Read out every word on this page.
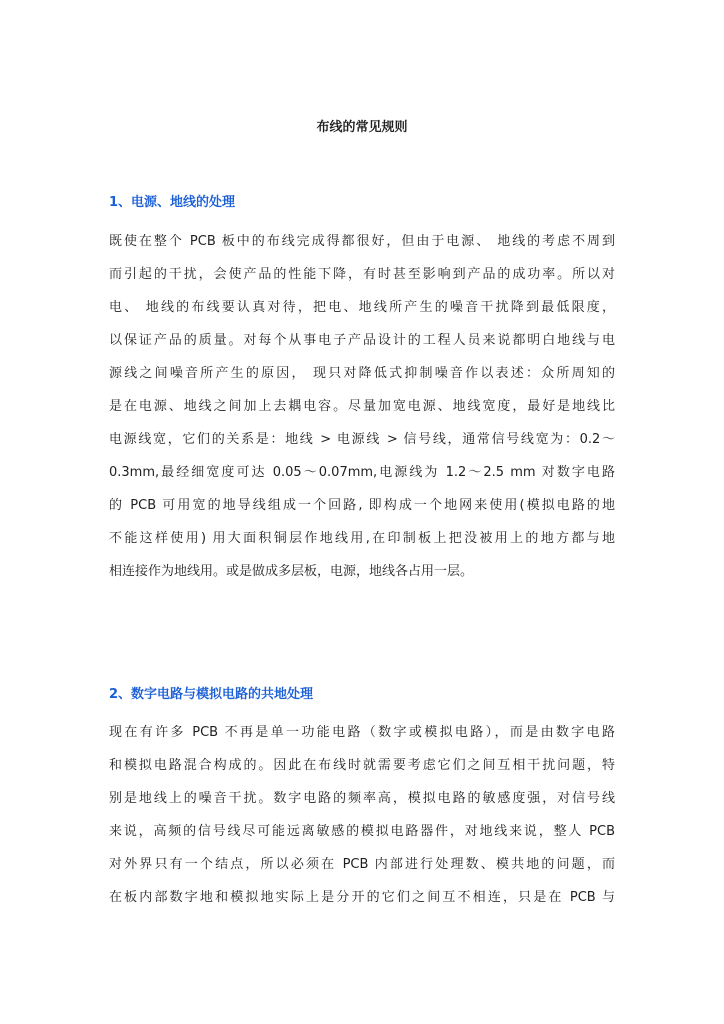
布线的常见规则
1、电源、地线的处理
既使在整个 PCB 板中的布线完成得都很好，但由于电源、 地线的考虑不周到
而引起的干扰，会使产品的性能下降，有时甚至影响到产品的成功率。所以对
电、 地线的布线要认真对待，把电、地线所产生的噪音干扰降到最低限度，
以保证产品的质量。对每个从事电子产品设计的工程人员来说都明白地线与电
源线之间噪音所产生的原因， 现只对降低式抑制噪音作以表述：众所周知的
是在电源、地线之间加上去耦电容。尽量加宽电源、地线宽度，最好是地线比
电源线宽，它们的关系是：地线 > 电源线 > 信号线，通常信号线宽为：0.2～
0.3mm,最经细宽度可达 0.05～0.07mm,电源线为 1.2～2.5 mm 对数字电路
的 PCB 可用宽的地导线组成一个回路, 即构成一个地网来使用(模拟电路的地
不能这样使用) 用大面积铜层作地线用,在印制板上把没被用上的地方都与地
相连接作为地线用。或是做成多层板，电源，地线各占用一层。
2、数字电路与模拟电路的共地处理
现在有许多 PCB 不再是单一功能电路（数字或模拟电路），而是由数字电路
和模拟电路混合构成的。因此在布线时就需要考虑它们之间互相干扰问题，特
别是地线上的噪音干扰。数字电路的频率高，模拟电路的敏感度强，对信号线
来说，高频的信号线尽可能远离敏感的模拟电路器件，对地线来说，整人 PCB
对外界只有一个结点，所以必须在 PCB 内部进行处理数、模共地的问题，而
在板内部数字地和模拟地实际上是分开的它们之间互不相连，只是在 PCB 与
